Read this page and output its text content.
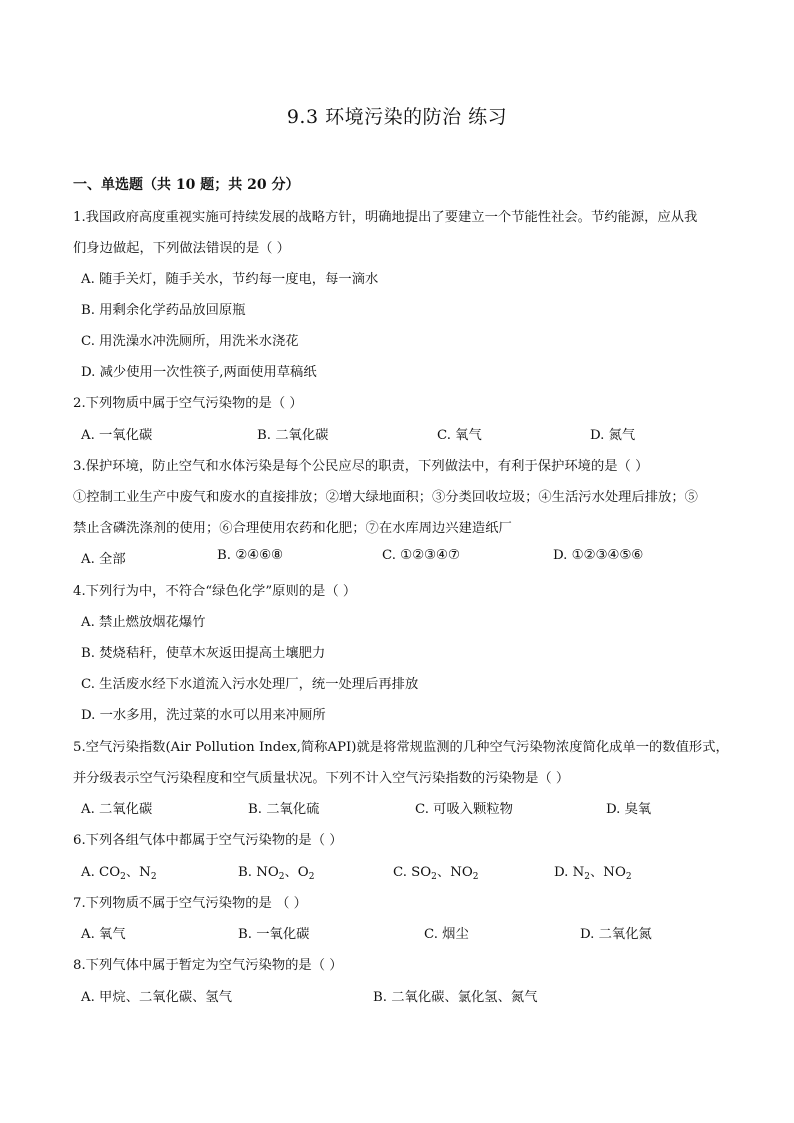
9.3 环境污染的防治 练习
一、单选题（共 10 题；共 20 分）
1.我国政府高度重视实施可持续发展的战略方针，明确地提出了要建立一个节能性社会。节约能源，应从我
们身边做起，下列做法错误的是（ ）
A. 随手关灯，随手关水，节约每一度电，每一滴水
B. 用剩余化学药品放回原瓶
C. 用洗澡水冲洗厕所，用洗米水浇花
D. 减少使用一次性筷子,两面使用草稿纸
2.下列物质中属于空气污染物的是（ ）
A. 一氧化碳	B. 二氧化碳	C. 氧气	D. 氮气
3.保护环境，防止空气和水体污染是每个公民应尽的职责，下列做法中，有利于保护环境的是（ ）
①控制工业生产中废气和废水的直接排放；②增大绿地面积；③分类回收垃圾；④生活污水处理后排放；⑤
禁止含磷洗涤剂的使用；⑥合理使用农药和化肥；⑦在水库周边兴建造纸厂
A. 全部	B. ②④⑥⑧	C. ①②③④⑦	D. ①②③④⑤⑥
4.下列行为中，不符合“绿色化学”原则的是（ ）
A. 禁止燃放烟花爆竹
B. 焚烧秸秆，使草木灰返田提高土壤肥力
C. 生活废水经下水道流入污水处理厂，统一处理后再排放
D. 一水多用，洗过菜的水可以用来冲厕所
5.空气污染指数(Air Pollution Index,简称API)就是将常规监测的几种空气污染物浓度简化成单一的数值形式，
并分级表示空气污染程度和空气质量状况。下列不计入空气污染指数的污染物是（ ）
A. 二氧化碳	B. 二氧化硫	C. 可吸入颗粒物	D. 臭氧
6.下列各组气体中都属于空气污染物的是（ ）
A. $CO_2$、$N_2$	B. $NO_2$、$O_2$	C. $SO_2$、$NO_2$	D. $N_2$、$NO_2$
7.下列物质不属于空气污染物的是 （ ）
A. 氧气	B. 一氧化碳	C. 烟尘	D. 二氧化氮
8.下列气体中属于暂定为空气污染物的是（ ）
A. 甲烷、二氧化碳、氢气	B. 二氧化碳、氯化氢、氮气
